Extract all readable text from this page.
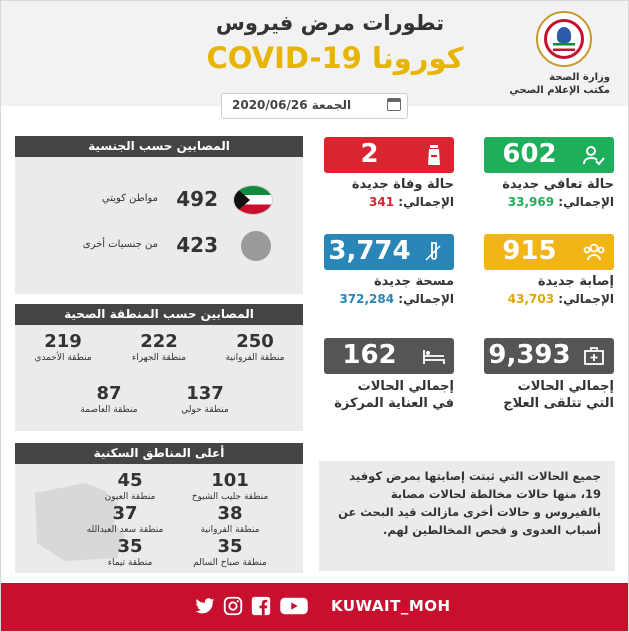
تطورات مرض فيروس
كورونا COVID-19
وزارة الصحة
مكتب الإعلام الصحي
الجمعة 2020/06/26
602
حالة تعافي جديدة
الإجمالي: 33,969
2
حالة وفاة جديدة
الإجمالي: 341
915
إصابة جديدة
الإجمالي: 43,703
3,774
مسحة جديدة
الإجمالي: 372,284
9,393
إجمالي الحالات
التي تتلقى العلاج
162
إجمالي الحالات
في العناية المركزة
جميع الحالات التي ثبتت إصابتها بمرض كوفيد 19، منها حالات مخالطة لحالات مصابة بالفيروس و حالات أخرى مازالت قيد البحث عن أسباب العدوى و فحص المخالطين لهم.
المصابين حسب الجنسية
492
مواطن كويتي
423
من جنسيات أخرى
المصابين حسب المنطقة الصحية
250
منطقة الفروانية
222
منطقة الجهراء
219
منطقة الأحمدي
137
منطقة حولي
87
منطقة العاصمة
أعلى المناطق السكنية
101
منطقة جليب الشيوخ
45
منطقة العيون
38
منطقة الفروانية
37
منطقة سعد العبدالله
35
منطقة صباح السالم
35
منطقة تيماء
KUWAIT_MOH
